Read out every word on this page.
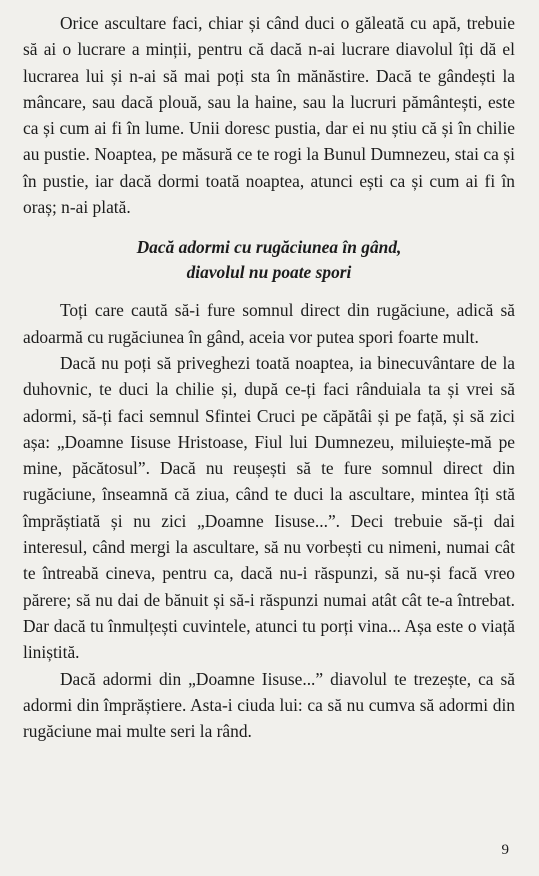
Orice ascultare faci, chiar și când duci o găleată cu apă, trebuie să ai o lucrare a minții, pentru că dacă n-ai lucrare diavolul îți dă el lucrarea lui și n-ai să mai poți sta în mănăstire. Dacă te gândești la mâncare, sau dacă plouă, sau la haine, sau la lucruri pământești, este ca și cum ai fi în lume. Unii doresc pustia, dar ei nu știu că și în chilie au pustie. Noaptea, pe măsură ce te rogi la Bunul Dumnezeu, stai ca și în pustie, iar dacă dormi toată noaptea, atunci ești ca și cum ai fi în oraș; n-ai plată.

Dacă adormi cu rugăciunea în gând,
diavolul nu poate spori

Toți care caută să-i fure somnul direct din rugăciune, adică să adoarmă cu rugăciunea în gând, aceia vor putea spori foarte mult.

Dacă nu poți să priveghezi toată noaptea, ia binecuvântare de la duhovnic, te duci la chilie și, după ce-ți faci rânduiala ta și vrei să adormi, să-ți faci semnul Sfintei Cruci pe căpătâi și pe față, și să zici așa: „Doamne Iisuse Hristoase, Fiul lui Dumnezeu, miluiește-mă pe mine, păcătosul”. Dacă nu reușești să te fure somnul direct din rugăciune, înseamnă că ziua, când te duci la ascultare, mintea îți stă împrăștiată și nu zici „Doamne Iisuse...”. Deci trebuie să-ți dai interesul, când mergi la ascultare, să nu vorbești cu nimeni, numai cât te întreabă cineva, pentru ca, dacă nu-i răspunzi, să nu-și facă vreo părere; să nu dai de bănuit și să-i răspunzi numai atât cât te-a întrebat. Dar dacă tu înmulțești cuvintele, atunci tu porți vina... Așa este o viață liniștită.

Dacă adormi din „Doamne Iisuse...” diavolul te trezește, ca să adormi din împrăștiere. Asta-i ciuda lui: ca să nu cumva să adormi din rugăciune mai multe seri la rând.

9
